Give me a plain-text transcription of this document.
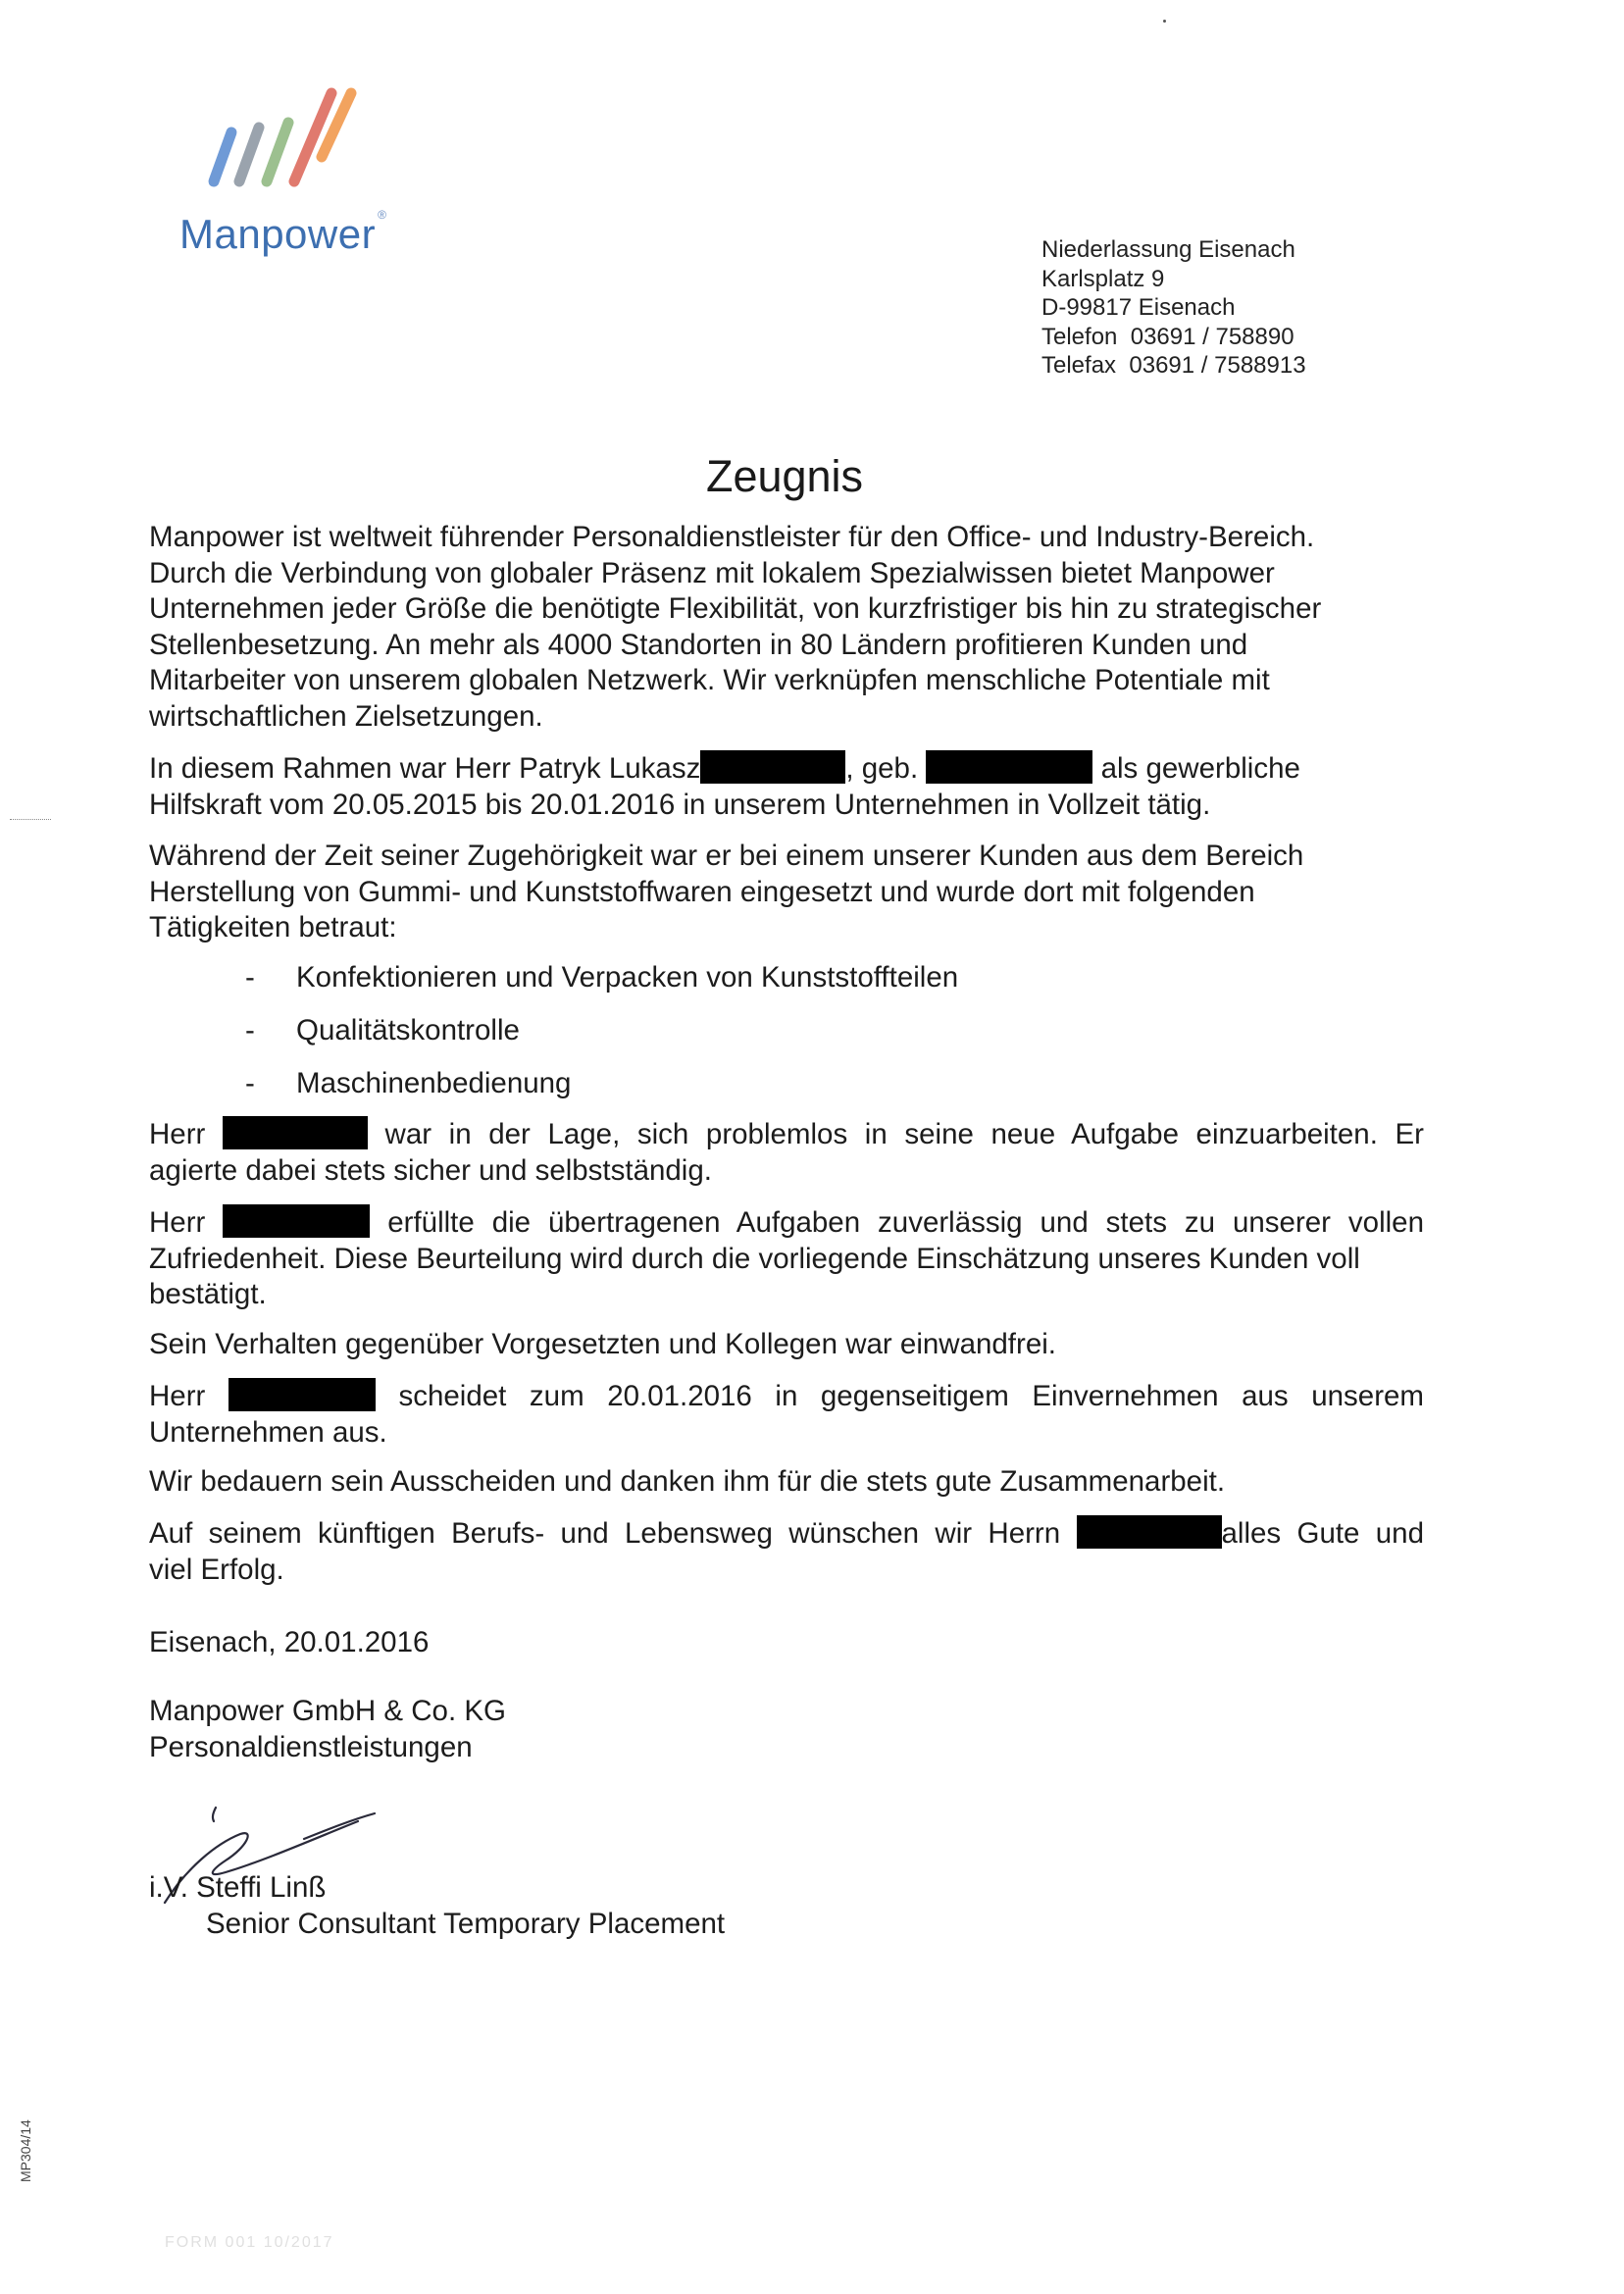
Manpower ®
Niederlassung Eisenach
Karlsplatz 9
D-99817 Eisenach
Telefon  03691 / 758890
Telefax  03691 / 7588913
Zeugnis
Manpower ist weltweit führender Personaldienstleister für den Office- und Industry-Bereich.
Durch die Verbindung von globaler Präsenz mit lokalem Spezialwissen bietet Manpower
Unternehmen jeder Größe die benötigte Flexibilität, von kurzfristiger bis hin zu strategischer
Stellenbesetzung. An mehr als 4000 Standorten in 80 Ländern profitieren Kunden und
Mitarbeiter von unserem globalen Netzwerk. Wir verknüpfen menschliche Potentiale mit
wirtschaftlichen Zielsetzungen.
In diesem Rahmen war Herr Patryk Lukasz	, geb.	als gewerbliche
Hilfskraft vom 20.05.2015 bis 20.01.2016 in unserem Unternehmen in Vollzeit tätig.
Während der Zeit seiner Zugehörigkeit war er bei einem unserer Kunden aus dem Bereich
Herstellung von Gummi- und Kunststoffwaren eingesetzt und wurde dort mit folgenden
Tätigkeiten betraut:
- Konfektionieren und Verpacken von Kunststoffteilen
- Qualitätskontrolle
- Maschinenbedienung
Herr	war in der Lage, sich problemlos in seine neue Aufgabe einzuarbeiten. Er
agierte dabei stets sicher und selbstständig.
Herr	erfüllte die übertragenen Aufgaben zuverlässig und stets zu unserer vollen
Zufriedenheit. Diese Beurteilung wird durch die vorliegende Einschätzung unseres Kunden voll
bestätigt.
Sein Verhalten gegenüber Vorgesetzten und Kollegen war einwandfrei.
Herr	scheidet zum 20.01.2016 in gegenseitigem Einvernehmen aus unserem
Unternehmen aus.
Wir bedauern sein Ausscheiden und danken ihm für die stets gute Zusammenarbeit.
Auf seinem künftigen Berufs- und Lebensweg wünschen wir Herrn	alles Gute und
viel Erfolg.
Eisenach, 20.01.2016
Manpower GmbH & Co. KG
Personaldienstleistungen
i.V. Steffi Linß
Senior Consultant Temporary Placement
MP304/14
FORM 001 10/2017
